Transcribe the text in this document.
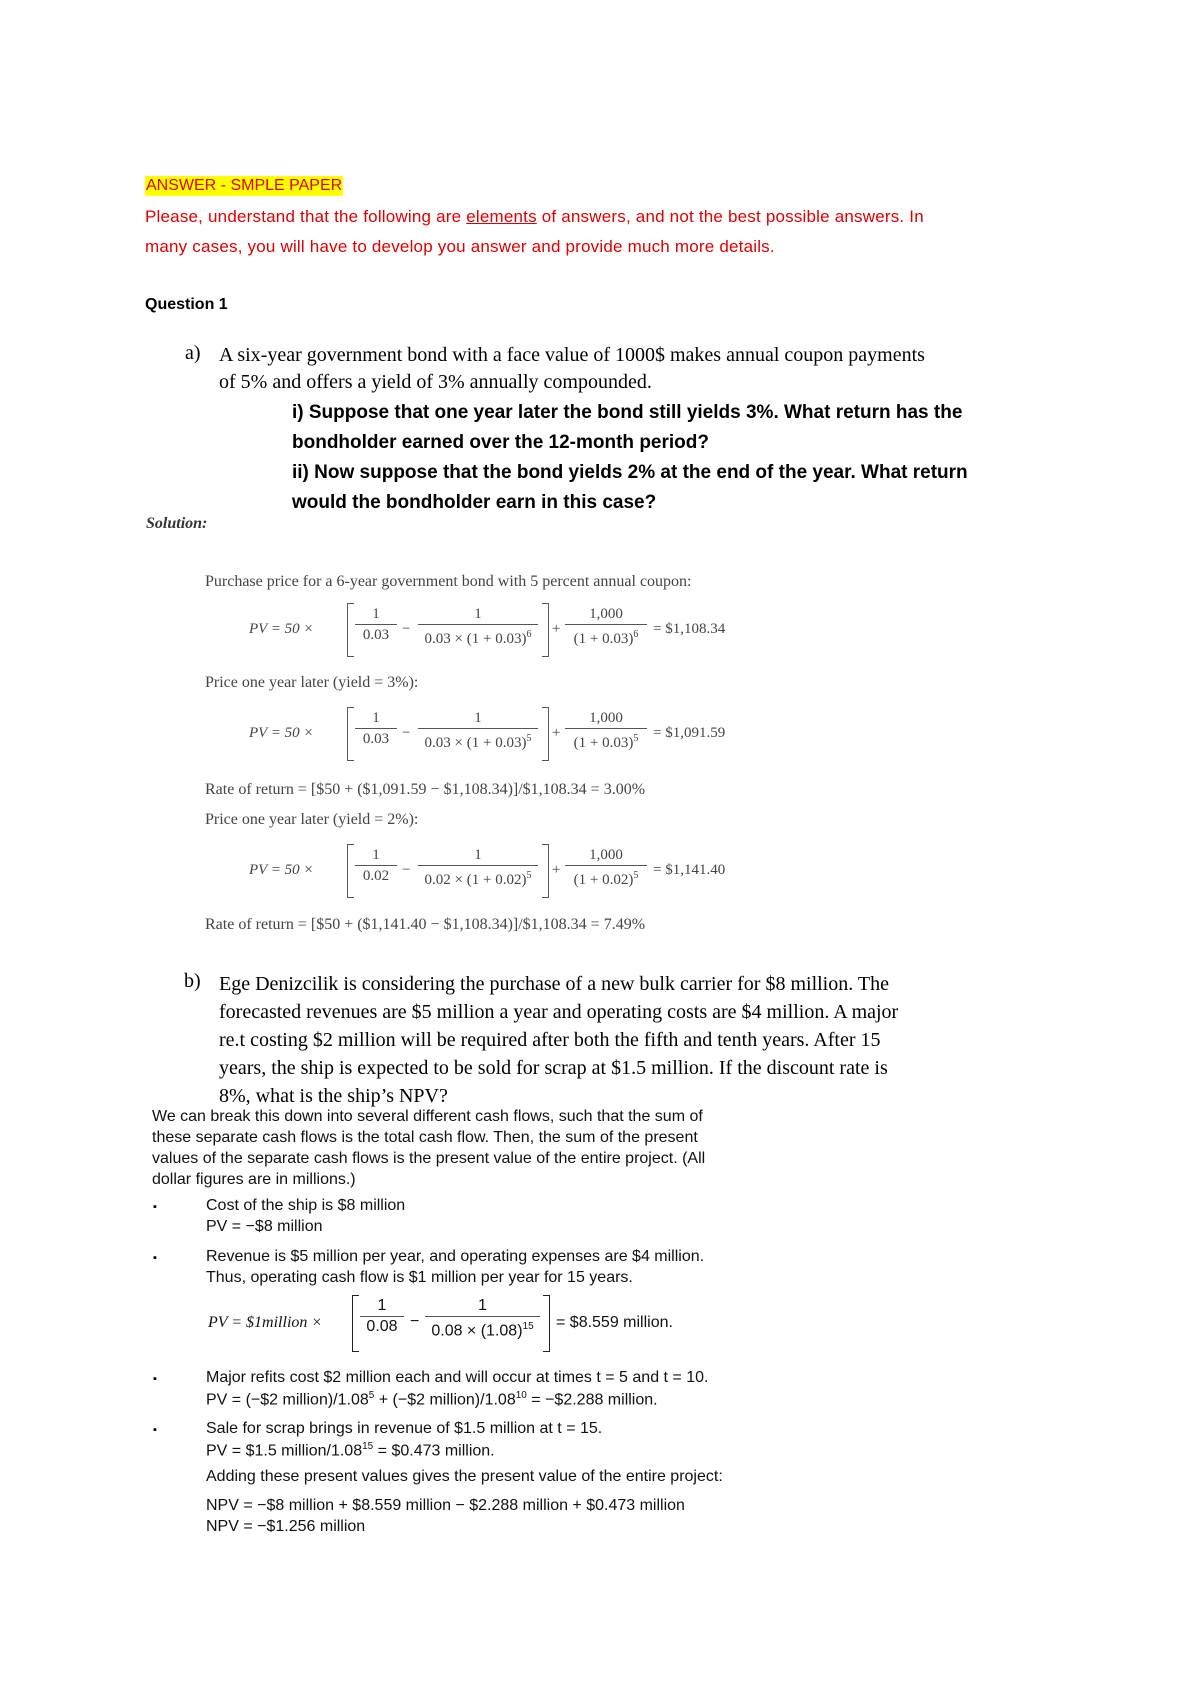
ANSWER - SMPLE PAPER
Please, understand that the following are elements of answers, and not the best possible answers. In
many cases, you will have to develop you answer and provide much more details.
Question 1
a) A six-year government bond with a face value of 1000$ makes annual coupon payments
of 5% and offers a yield of 3% annually compounded.
i) Suppose that one year later the bond still yields 3%. What return has the
bondholder earned over the 12-month period?
ii) Now suppose that the bond yields 2% at the end of the year. What return
would the bondholder earn in this case?
Solution:
Purchase price for a 6-year government bond with 5 percent annual coupon:
PV = 50 ×
1
0.03 −
1
$0.03 \times (1 + 0.03)^6$	+
1,000
$(1 + 0.03)^6$ = $1,108.34
Price one year later (yield = 3%):
PV = 50 ×
1
0.03 −
1
$0.03 \times (1 + 0.03)^5$	+
1,000
$(1 + 0.03)^5$ = $1,091.59
Rate of return = [$50 + ($1,091.59 − $1,108.34)]/$1,108.34 = 3.00%
Price one year later (yield = 2%):
PV = 50 ×
1
0.02 −
1
$0.02 \times (1 + 0.02)^5$	+
1,000
$(1 + 0.02)^5$ = $1,141.40
Rate of return = [$50 + ($1,141.40 − $1,108.34)]/$1,108.34 = 7.49%
b) Ege Denizcilik is considering the purchase of a new bulk carrier for $8 million. The
forecasted revenues are $5 million a year and operating costs are $4 million. A major
re.t costing $2 million will be required after both the fifth and tenth years. After 15
years, the ship is expected to be sold for scrap at $1.5 million. If the discount rate is
8%, what is the ship’s NPV?
We can break this down into several different cash flows, such that the sum of
these separate cash flows is the total cash flow. Then, the sum of the present
values of the separate cash flows is the present value of the entire project. (All
dollar figures are in millions.)
▪	Cost of the ship is $8 million
PV = −$8 million
▪	Revenue is $5 million per year, and operating expenses are $4 million.
Thus, operating cash flow is $1 million per year for 15 years.
PV = $1million ×
1
0.08 −
1
$0.08 \times (1.08)^{15}$	= $8.559 million.
▪	Major refits cost $2 million each and will occur at times t = 5 and t = 10.
PV = (−$2 $million)/1.08^5$ + (−$2 $million)/1.08^{10}$ = −$2.288 million.
▪	Sale for scrap brings in revenue of $1.5 million at t = 15.
PV = $1.5 million/$1.08^{15}$ = $0.473 million.
Adding these present values gives the present value of the entire project:
NPV = −$8 million + $8.559 million − $2.288 million + $0.473 million
NPV = −$1.256 million
